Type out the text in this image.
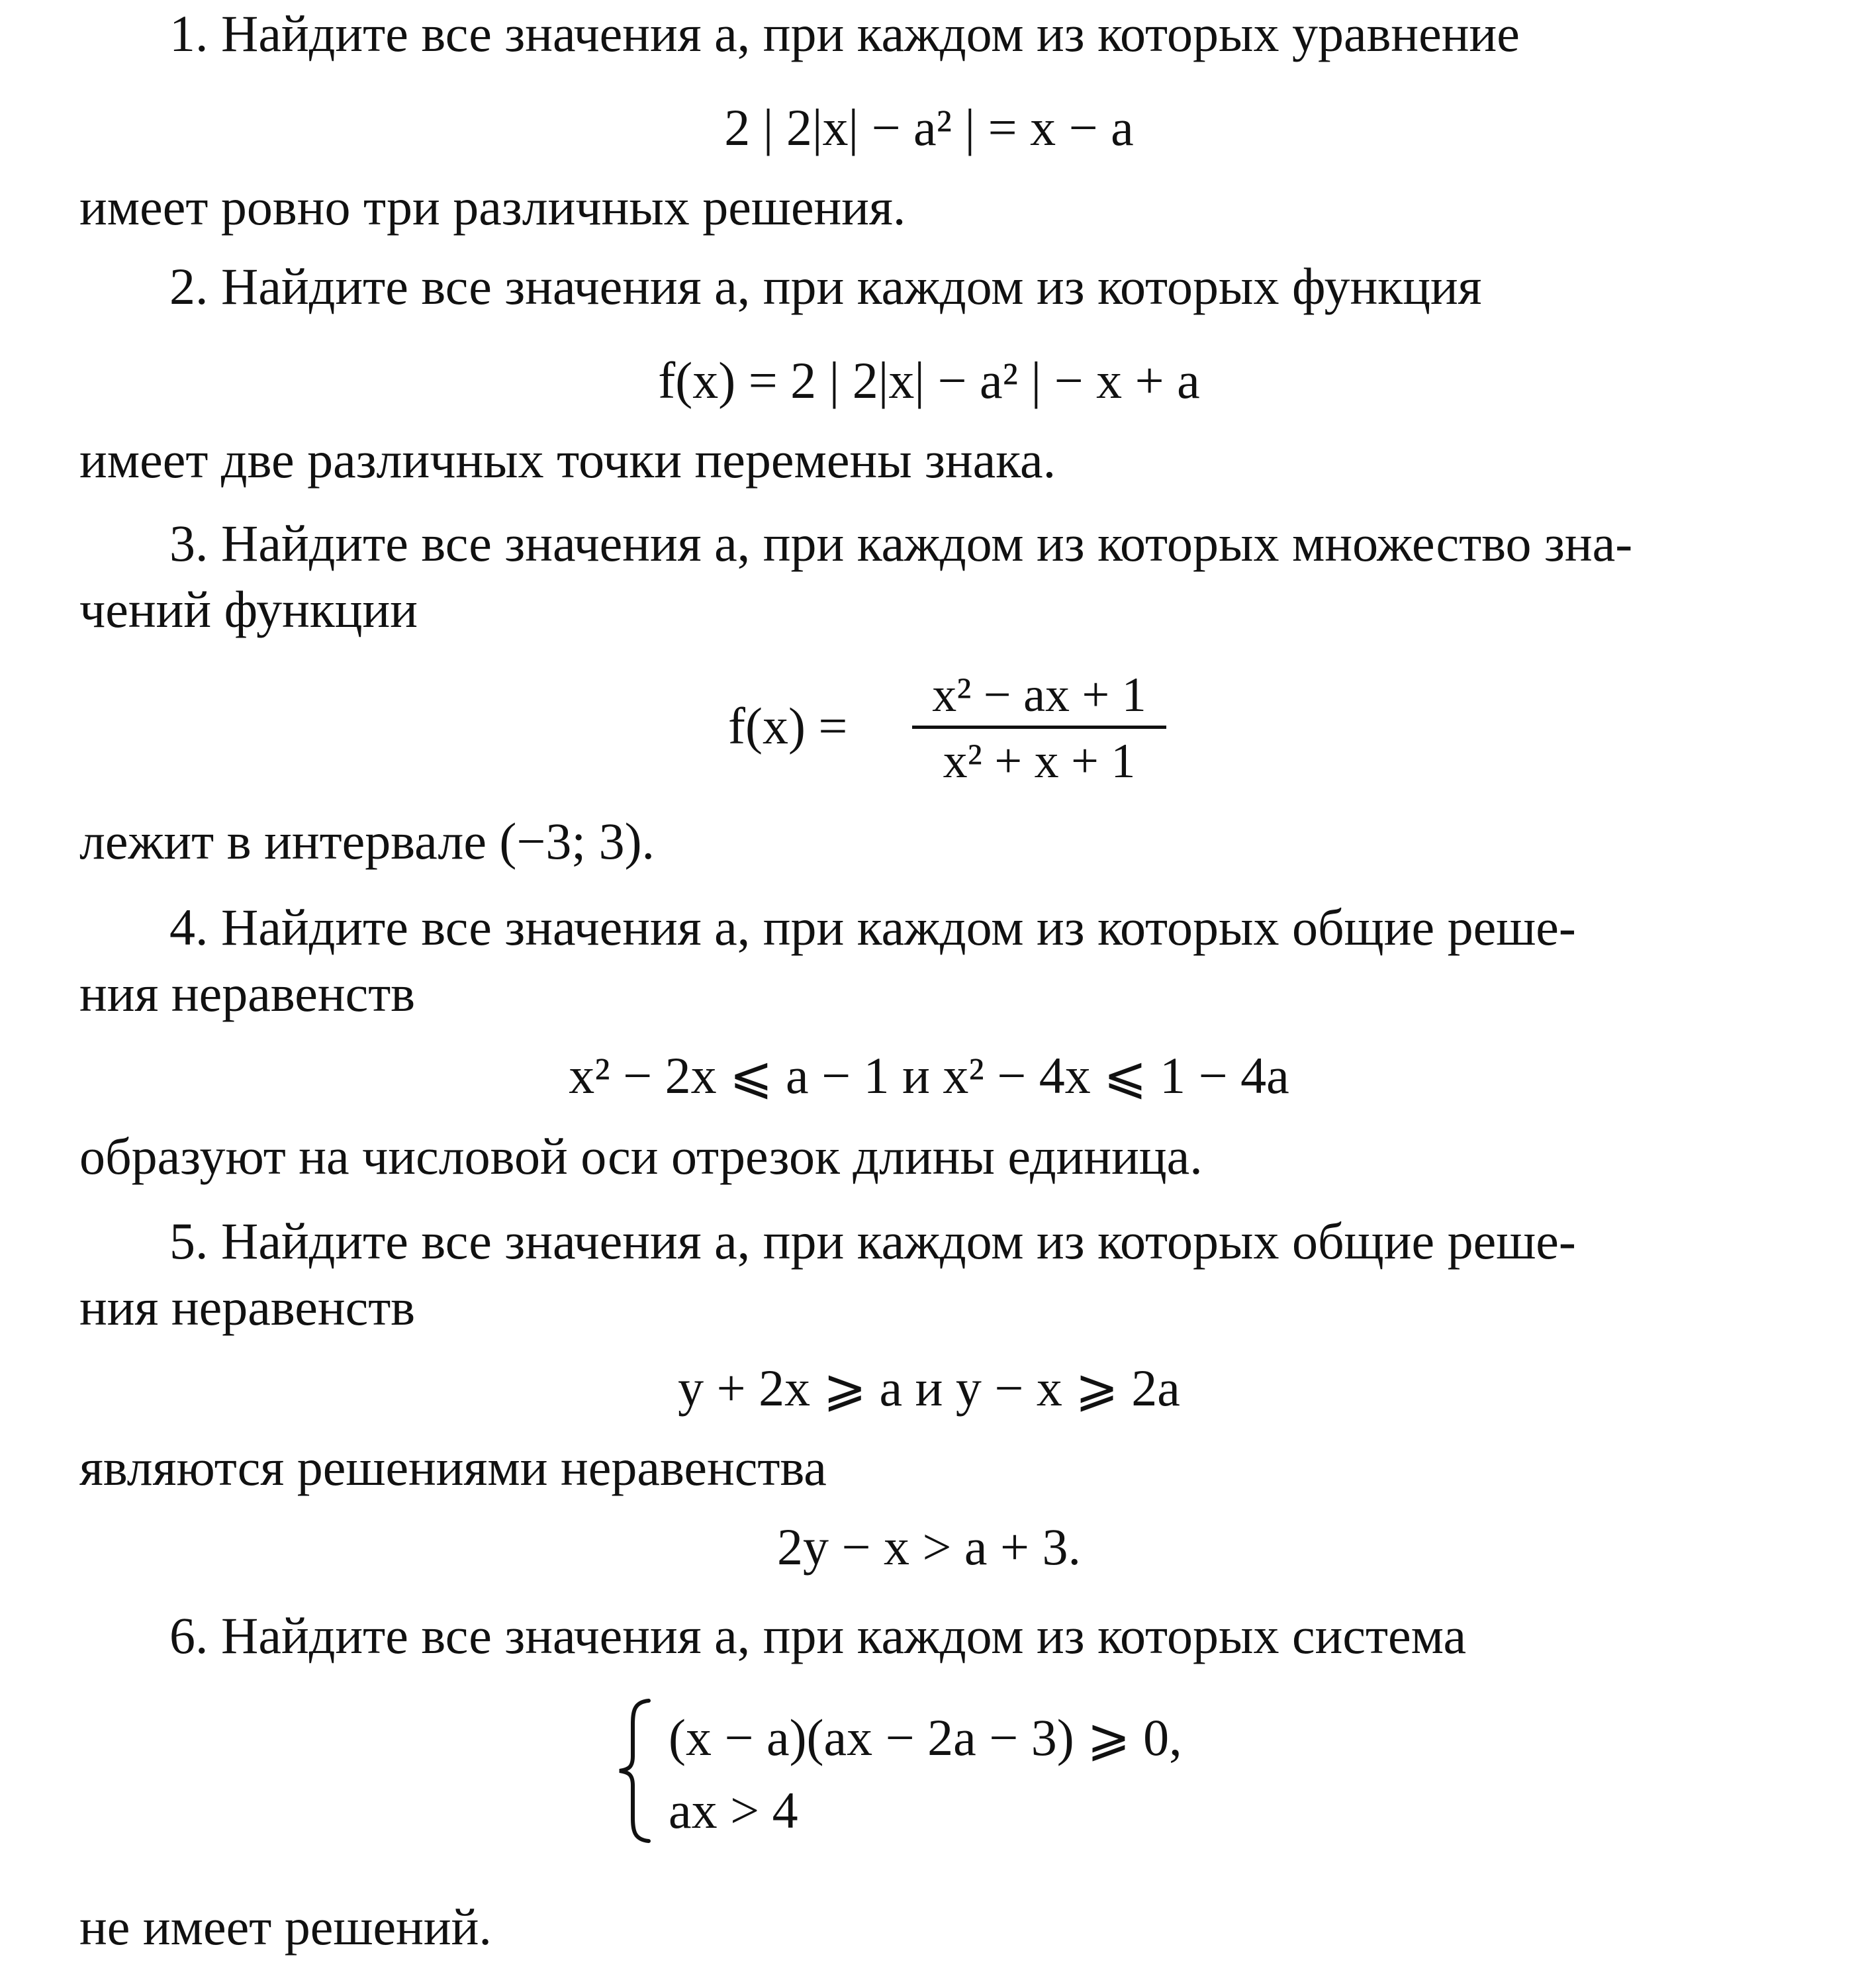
1. Найдите все значения a, при каждом из которых уравнение
2 | 2|x| − a² | = x − a
имеет ровно три различных решения.
2. Найдите все значения a, при каждом из которых функция
f(x) = 2 | 2|x| − a² | − x + a
имеет две различных точки перемены знака.
3. Найдите все значения a, при каждом из которых множество зна-
чений функции
f(x) =
x² − ax + 1
x² + x + 1
лежит в интервале (−3; 3).
4. Найдите все значения a, при каждом из которых общие реше-
ния неравенств
x² − 2x ⩽ a − 1 и x² − 4x ⩽ 1 − 4a
образуют на числовой оси отрезок длины единица.
5. Найдите все значения a, при каждом из которых общие реше-
ния неравенств
y + 2x ⩾ a и y − x ⩾ 2a
являются решениями неравенства
2y − x > a + 3.
6. Найдите все значения a, при каждом из которых система
(x − a)(ax − 2a − 3) ⩾ 0,
ax > 4
не имеет решений.
